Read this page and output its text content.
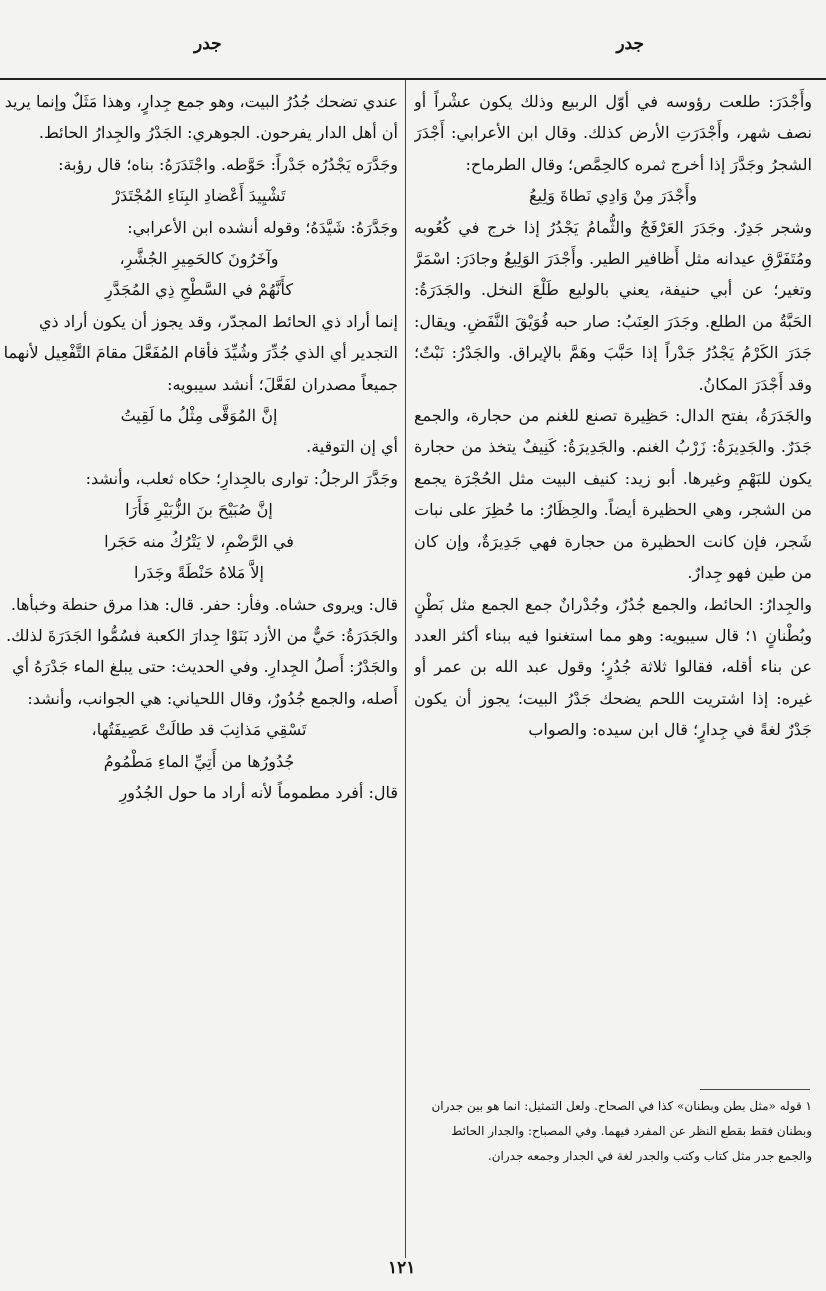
جدر
جدر

وأَجْدَرَ: طلعت رؤوسه في أوّل الربيع وذلك يكون عشْراً أو نصف شهر، وأَجْدَرَتِ الأرض كذلك. وقال ابن الأعرابي: أَجْدَرَ الشجرُ وجَدَّرَ إذا أخرج ثمره كالحِمَّص؛ وقال الطرماح:

وأَجْدَرَ مِنْ وَادِي نَطاةَ وَلِيعُ

وشجر جَدِرٌ. وجَدَرَ العَرْفَجُ والثُّمامُ يَجْدُرُ إذا خرج في كُعُوبه ومُتَفَرَّقِ عيدانه مثل أَظافير الطير. وأَجْدَرَ الوَلِيعُ وجادَرَ: اسْمَرَّ وتغير؛ عن أبي حنيفة، يعني بالوليع طَلْعَ النخل. والجَدَرَةُ: الحَبَّةُ من الطلع. وجَدَرَ العِنَبُ: صار حبه فُوَيْقَ النَّفَضِ. ويقال: جَدَرَ الكَرْمُ يَجْدُرُ جَدْراً إذا حَبَّبَ وهَمَّ بالإيراق. والجَدْرُ: نَبْتٌ؛ وقد أَجْدَرَ المكانُ.

والجَدَرَةُ، بفتح الدال: حَظِيرة تصنع للغنم من حجارة، والجمع جَدَرٌ. والجَدِيرَةُ: زَرْبُ الغنم. والجَدِيرَةُ: كَنِيفٌ يتخذ من حجارة يكون للبَهْمِ وغيرها. أبو زيد: كنيف البيت مثل الحُجْرَة يجمع من الشجر، وهي الحظيرة أيضاً. والحِظَارُ: ما حُظِرَ على نبات شَجر، فإن كانت الحظيرة من حجارة فهي جَدِيرَةٌ، وإن كان من طين فهو جِدارٌ.

والجِدارُ: الحائط، والجمع جُدُرٌ، وجُدْرانٌ جمع الجمع مثل بَطْنٍ وبُطْنانٍ ١؛ قال سيبويه: وهو مما استغنوا فيه ببناء أكثر العدد عن بناء أقله، فقالوا ثلاثة جُدُرٍ؛ وقول عبد الله بن عمر أو غيره: إذا اشتريت اللحم يضحك جَدْرُ البيت؛ يجوز أن يكون جَدْرٌ لغةً في جِدارٍ؛ قال ابن سيده: والصواب

عندي تضحك جُدُرُ البيت، وهو جمع جِدارٍ، وهذا مَثَلٌ وإنما يريد أن أهل الدار يفرحون. الجوهري: الجَدْرُ والجِدارُ الحائط. وجَدَّرَه يَجْدُرُه جَدْراً: حَوَّطه. واجْتَدَرَهُ: بناه؛ قال رؤبة:

تَشْيِيدَ أَعْضادِ البِنَاءِ المُجْتَدَرْ

وجَدَّرَهُ: شَيَّدَهُ؛ وقوله أنشده ابن الأعرابي:

وآخَرُونَ كالحَمِيرِ الجُشَّرِ،

كأَنَّهُمْ في السَّطْحِ ذِي المُجَدَّرِ

إنما أراد ذي الحائط المجدّر، وقد يجوز أن يكون أراد ذي التجدير أي الذي جُدِّرَ وشُيِّدَ فأقام المُفَعَّلَ مقامَ التَّفْعِيل لأنهما جميعاً مصدران لفَعَّلَ؛ أنشد سيبويه:

إنَّ المُوَقَّى مِثْلُ ما لَقِيتُ

أي إن التوقية.

وجَدَّرَ الرجلُ: توارى بالجِدارِ؛ حكاه ثعلب، وأنشد:

إنَّ صُبَيْحَ بنَ الزُّبَيْرِ فَأَرَا

في الرَّضْمِ، لا يَتْرُكُ منه حَجَرا

إلاَّ مَلاهُ حَنْطَةً وجَدَرا

قال: ويروى حشاه. وفأر: حفر. قال: هذا مرق حنطة وخبأها.

والجَدَرَةُ: حَيٌّ من الأزد بَنَوْا جِدارَ الكعبة فسُمُّوا الجَدَرَةَ لذلك. والجَدْرُ: أَصلُ الجِدارِ. وفي الحديث: حتى يبلغ الماء جَدْرَهُ أي أَصله، والجمع جُدُورٌ، وقال اللحياني: هي الجوانب، وأنشد:

تَسْقِي مَذانِبَ قد طالَتْ عَصِيفَتُها،

جُدُورُها من أَتِيِّ الماءِ مَطْمُومُ

قال: أفرد مطموماً لأنه أراد ما حول الجُدُورِ

١ قوله «مثل بطن وبطنان» كذا في الصحاح. ولعل التمثيل: انما هو بين جدران وبطنان فقط بقطع النظر عن المفرد فيهما. وفي المصباح: والجدار الحائط والجمع جدر مثل كتاب وكتب والجدر لغة في الجدار وجمعه جدران.

١٢١
